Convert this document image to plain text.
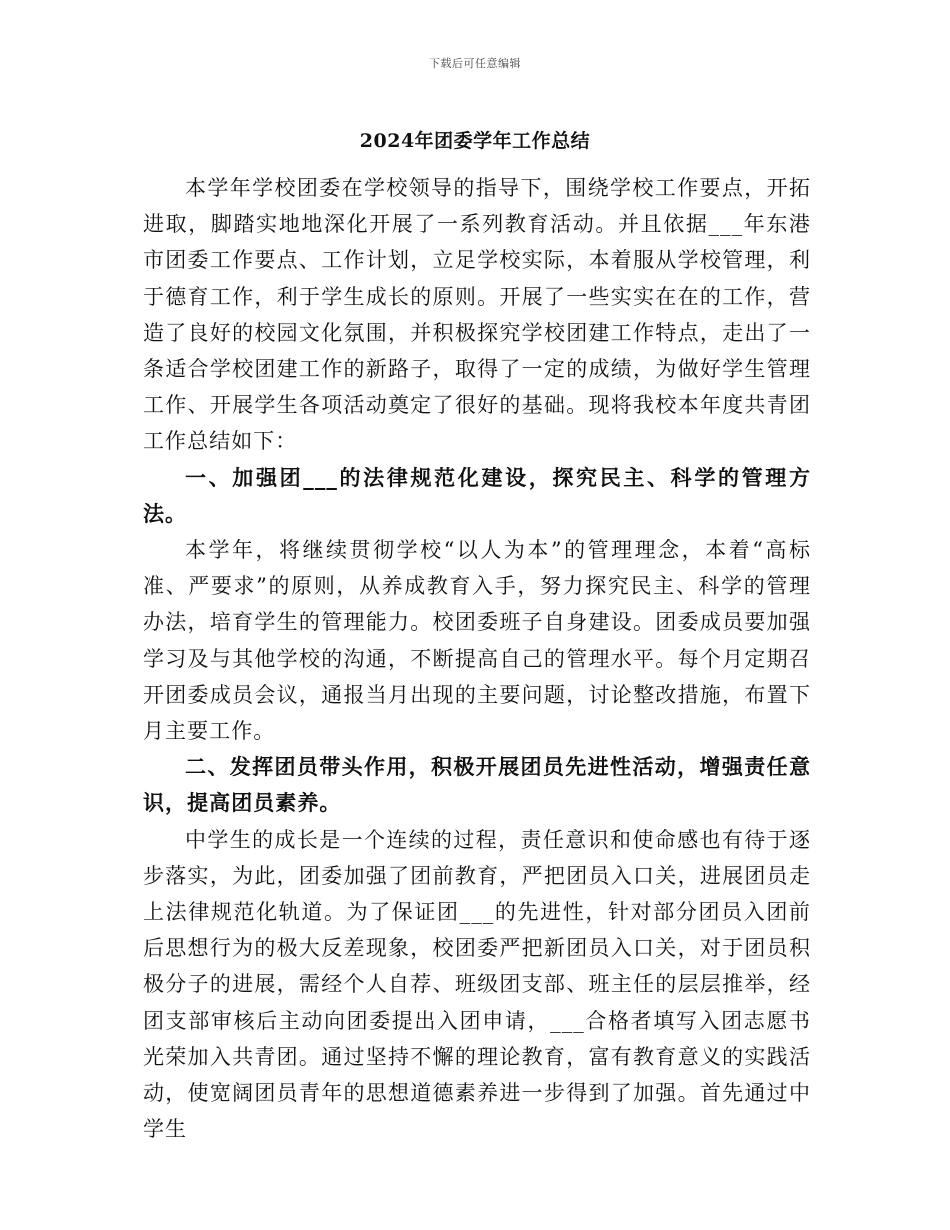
下载后可任意编辑
2024年团委学年工作总结

本学年学校团委在学校领导的指导下，围绕学校工作要点，开拓进取，脚踏实地地深化开展了一系列教育活动。并且依据___年东港市团委工作要点、工作计划，立足学校实际，本着服从学校管理，利于德育工作，利于学生成长的原则。开展了一些实实在在的工作，营造了良好的校园文化氛围，并积极探究学校团建工作特点，走出了一条适合学校团建工作的新路子，取得了一定的成绩，为做好学生管理工作、开展学生各项活动奠定了很好的基础。现将我校本年度共青团工作总结如下：

一、加强团___的法律规范化建设，探究民主、科学的管理方法。

本学年，将继续贯彻学校“以人为本”的管理理念，本着“高标准、严要求”的原则，从养成教育入手，努力探究民主、科学的管理办法，培育学生的管理能力。校团委班子自身建设。团委成员要加强学习及与其他学校的沟通，不断提高自己的管理水平。每个月定期召开团委成员会议，通报当月出现的主要问题，讨论整改措施，布置下月主要工作。

二、发挥团员带头作用，积极开展团员先进性活动，增强责任意识，提高团员素养。

中学生的成长是一个连续的过程，责任意识和使命感也有待于逐步落实，为此，团委加强了团前教育，严把团员入口关，进展团员走上法律规范化轨道。为了保证团___的先进性，针对部分团员入团前后思想行为的极大反差现象，校团委严把新团员入口关，对于团员积极分子的进展，需经个人自荐、班级团支部、班主任的层层推举，经团支部审核后主动向团委提出入团申请，___合格者填写入团志愿书光荣加入共青团。通过坚持不懈的理论教育，富有教育意义的实践活动，使宽阔团员青年的思想道德素养进一步得到了加强。首先通过中学生
